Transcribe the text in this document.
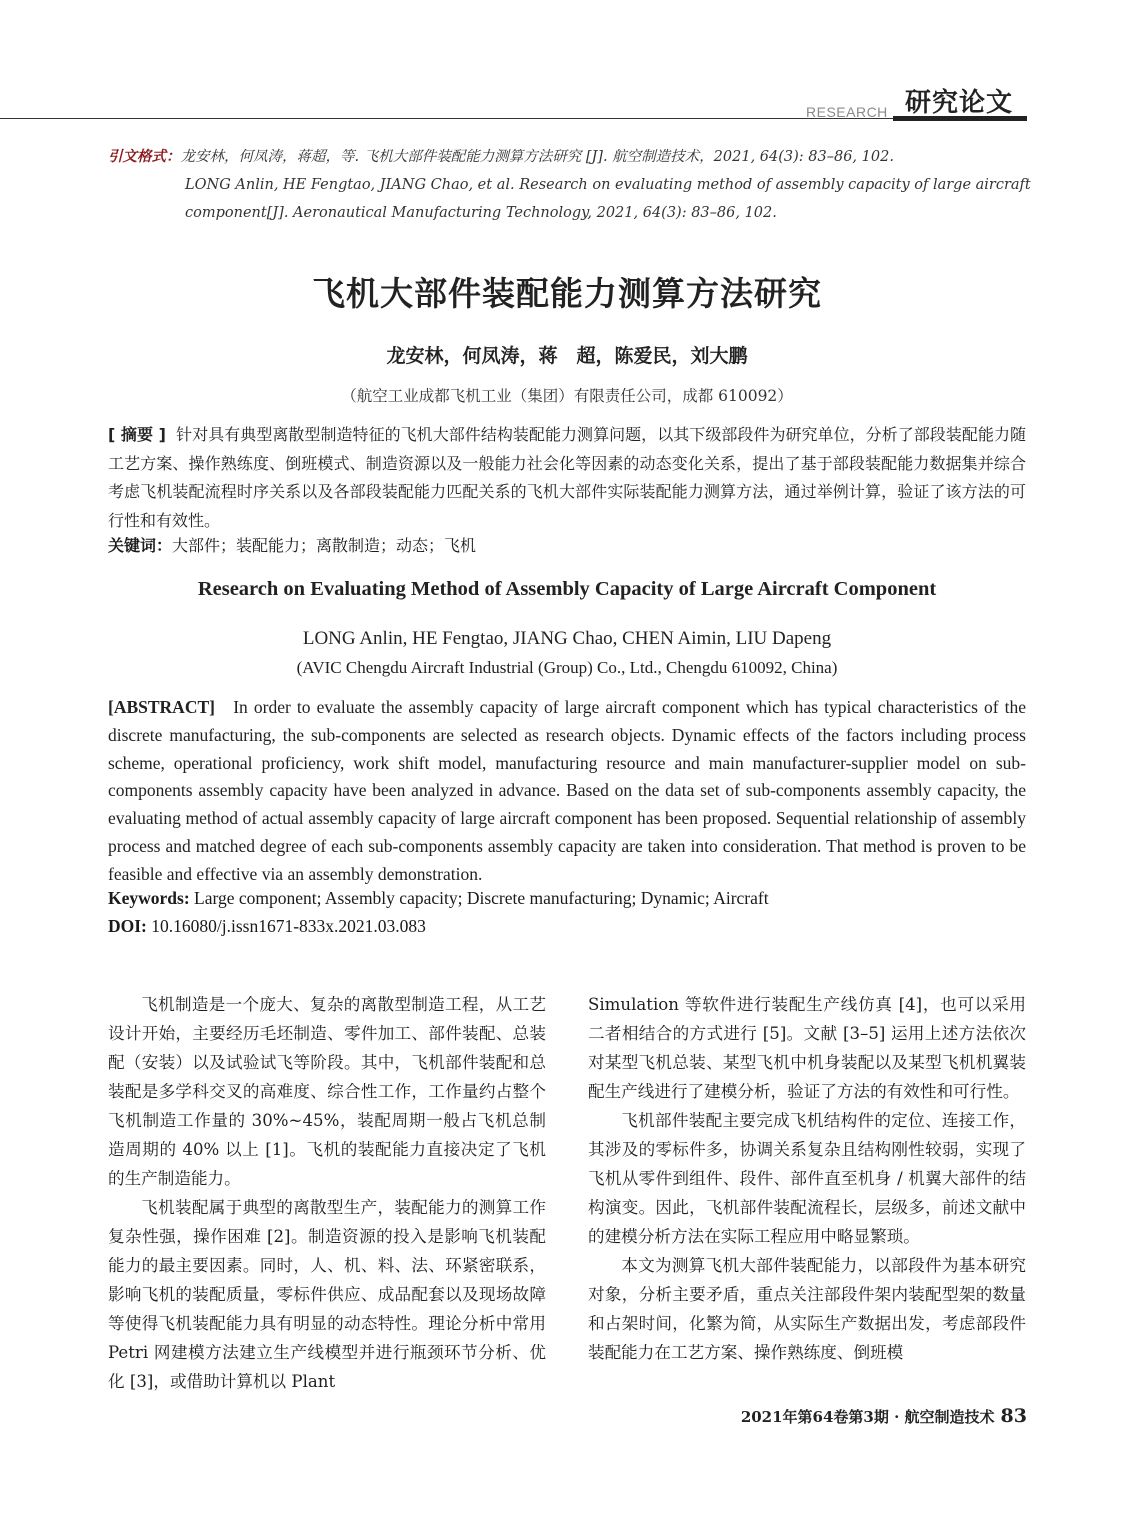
RESEARCH 研究论文
引文格式：龙安林，何凤涛，蒋超，等. 飞机大部件装配能力测算方法研究 [J]. 航空制造技术，2021, 64(3): 83–86, 102.
LONG Anlin, HE Fengtao, JIANG Chao, et al. Research on evaluating method of assembly capacity of large aircraft
component[J]. Aeronautical Manufacturing Technology, 2021, 64(3): 83–86, 102.
飞机大部件装配能力测算方法研究
龙安林，何凤涛，蒋　超，陈爱民，刘大鹏
（航空工业成都飞机工业（集团）有限责任公司，成都 610092）
[ 摘要 ] 针对具有典型离散型制造特征的飞机大部件结构装配能力测算问题，以其下级部段件为研究单位，分析了部段装配能力随工艺方案、操作熟练度、倒班模式、制造资源以及一般能力社会化等因素的动态变化关系，提出了基于部段装配能力数据集并综合考虑飞机装配流程时序关系以及各部段装配能力匹配关系的飞机大部件实际装配能力测算方法，通过举例计算，验证了该方法的可行性和有效性。
关键词：大部件；装配能力；离散制造；动态；飞机
Research on Evaluating Method of Assembly Capacity of Large Aircraft Component
LONG Anlin, HE Fengtao, JIANG Chao, CHEN Aimin, LIU Dapeng
(AVIC Chengdu Aircraft Industrial (Group) Co., Ltd., Chengdu 610092, China)
[ABSTRACT] In order to evaluate the assembly capacity of large aircraft component which has typical characteristics of the discrete manufacturing, the sub-components are selected as research objects. Dynamic effects of the factors including process scheme, operational proficiency, work shift model, manufacturing resource and main manufacturer-supplier model on sub-components assembly capacity have been analyzed in advance. Based on the data set of sub-components assembly capacity, the evaluating method of actual assembly capacity of large aircraft component has been proposed. Sequential relationship of assembly process and matched degree of each sub-components assembly capacity are taken into consideration. That method is proven to be feasible and effective via an assembly demonstration.
Keywords: Large component; Assembly capacity; Discrete manufacturing; Dynamic; Aircraft
DOI: 10.16080/j.issn1671-833x.2021.03.083

飞机制造是一个庞大、复杂的离散型制造工程，从工艺设计开始，主要经历毛坯制造、零件加工、部件装配、总装配（安装）以及试验试飞等阶段。其中，飞机部件装配和总装配是多学科交叉的高难度、综合性工作，工作量约占整个飞机制造工作量的 30%~45%，装配周期一般占飞机总制造周期的 40% 以上 [1]。飞机的装配能力直接决定了飞机的生产制造能力。

飞机装配属于典型的离散型生产，装配能力的测算工作复杂性强，操作困难 [2]。制造资源的投入是影响飞机装配能力的最主要因素。同时，人、机、料、法、环紧密联系，影响飞机的装配质量，零标件供应、成品配套以及现场故障等使得飞机装配能力具有明显的动态特性。理论分析中常用 Petri 网建模方法建立生产线模型并进行瓶颈环节分析、优化 [3]，或借助计算机以 Plant

Simulation 等软件进行装配生产线仿真 [4]，也可以采用二者相结合的方式进行 [5]。文献 [3–5] 运用上述方法依次对某型飞机总装、某型飞机中机身装配以及某型飞机机翼装配生产线进行了建模分析，验证了方法的有效性和可行性。

飞机部件装配主要完成飞机结构件的定位、连接工作，其涉及的零标件多，协调关系复杂且结构刚性较弱，实现了飞机从零件到组件、段件、部件直至机身 / 机翼大部件的结构演变。因此，飞机部件装配流程长，层级多，前述文献中的建模分析方法在实际工程应用中略显繁琐。

本文为测算飞机大部件装配能力，以部段件为基本研究对象，分析主要矛盾，重点关注部段件架内装配型架的数量和占架时间，化繁为简，从实际生产数据出发，考虑部段件装配能力在工艺方案、操作熟练度、倒班模

2021年第64卷第3期 · 航空制造技术 83
